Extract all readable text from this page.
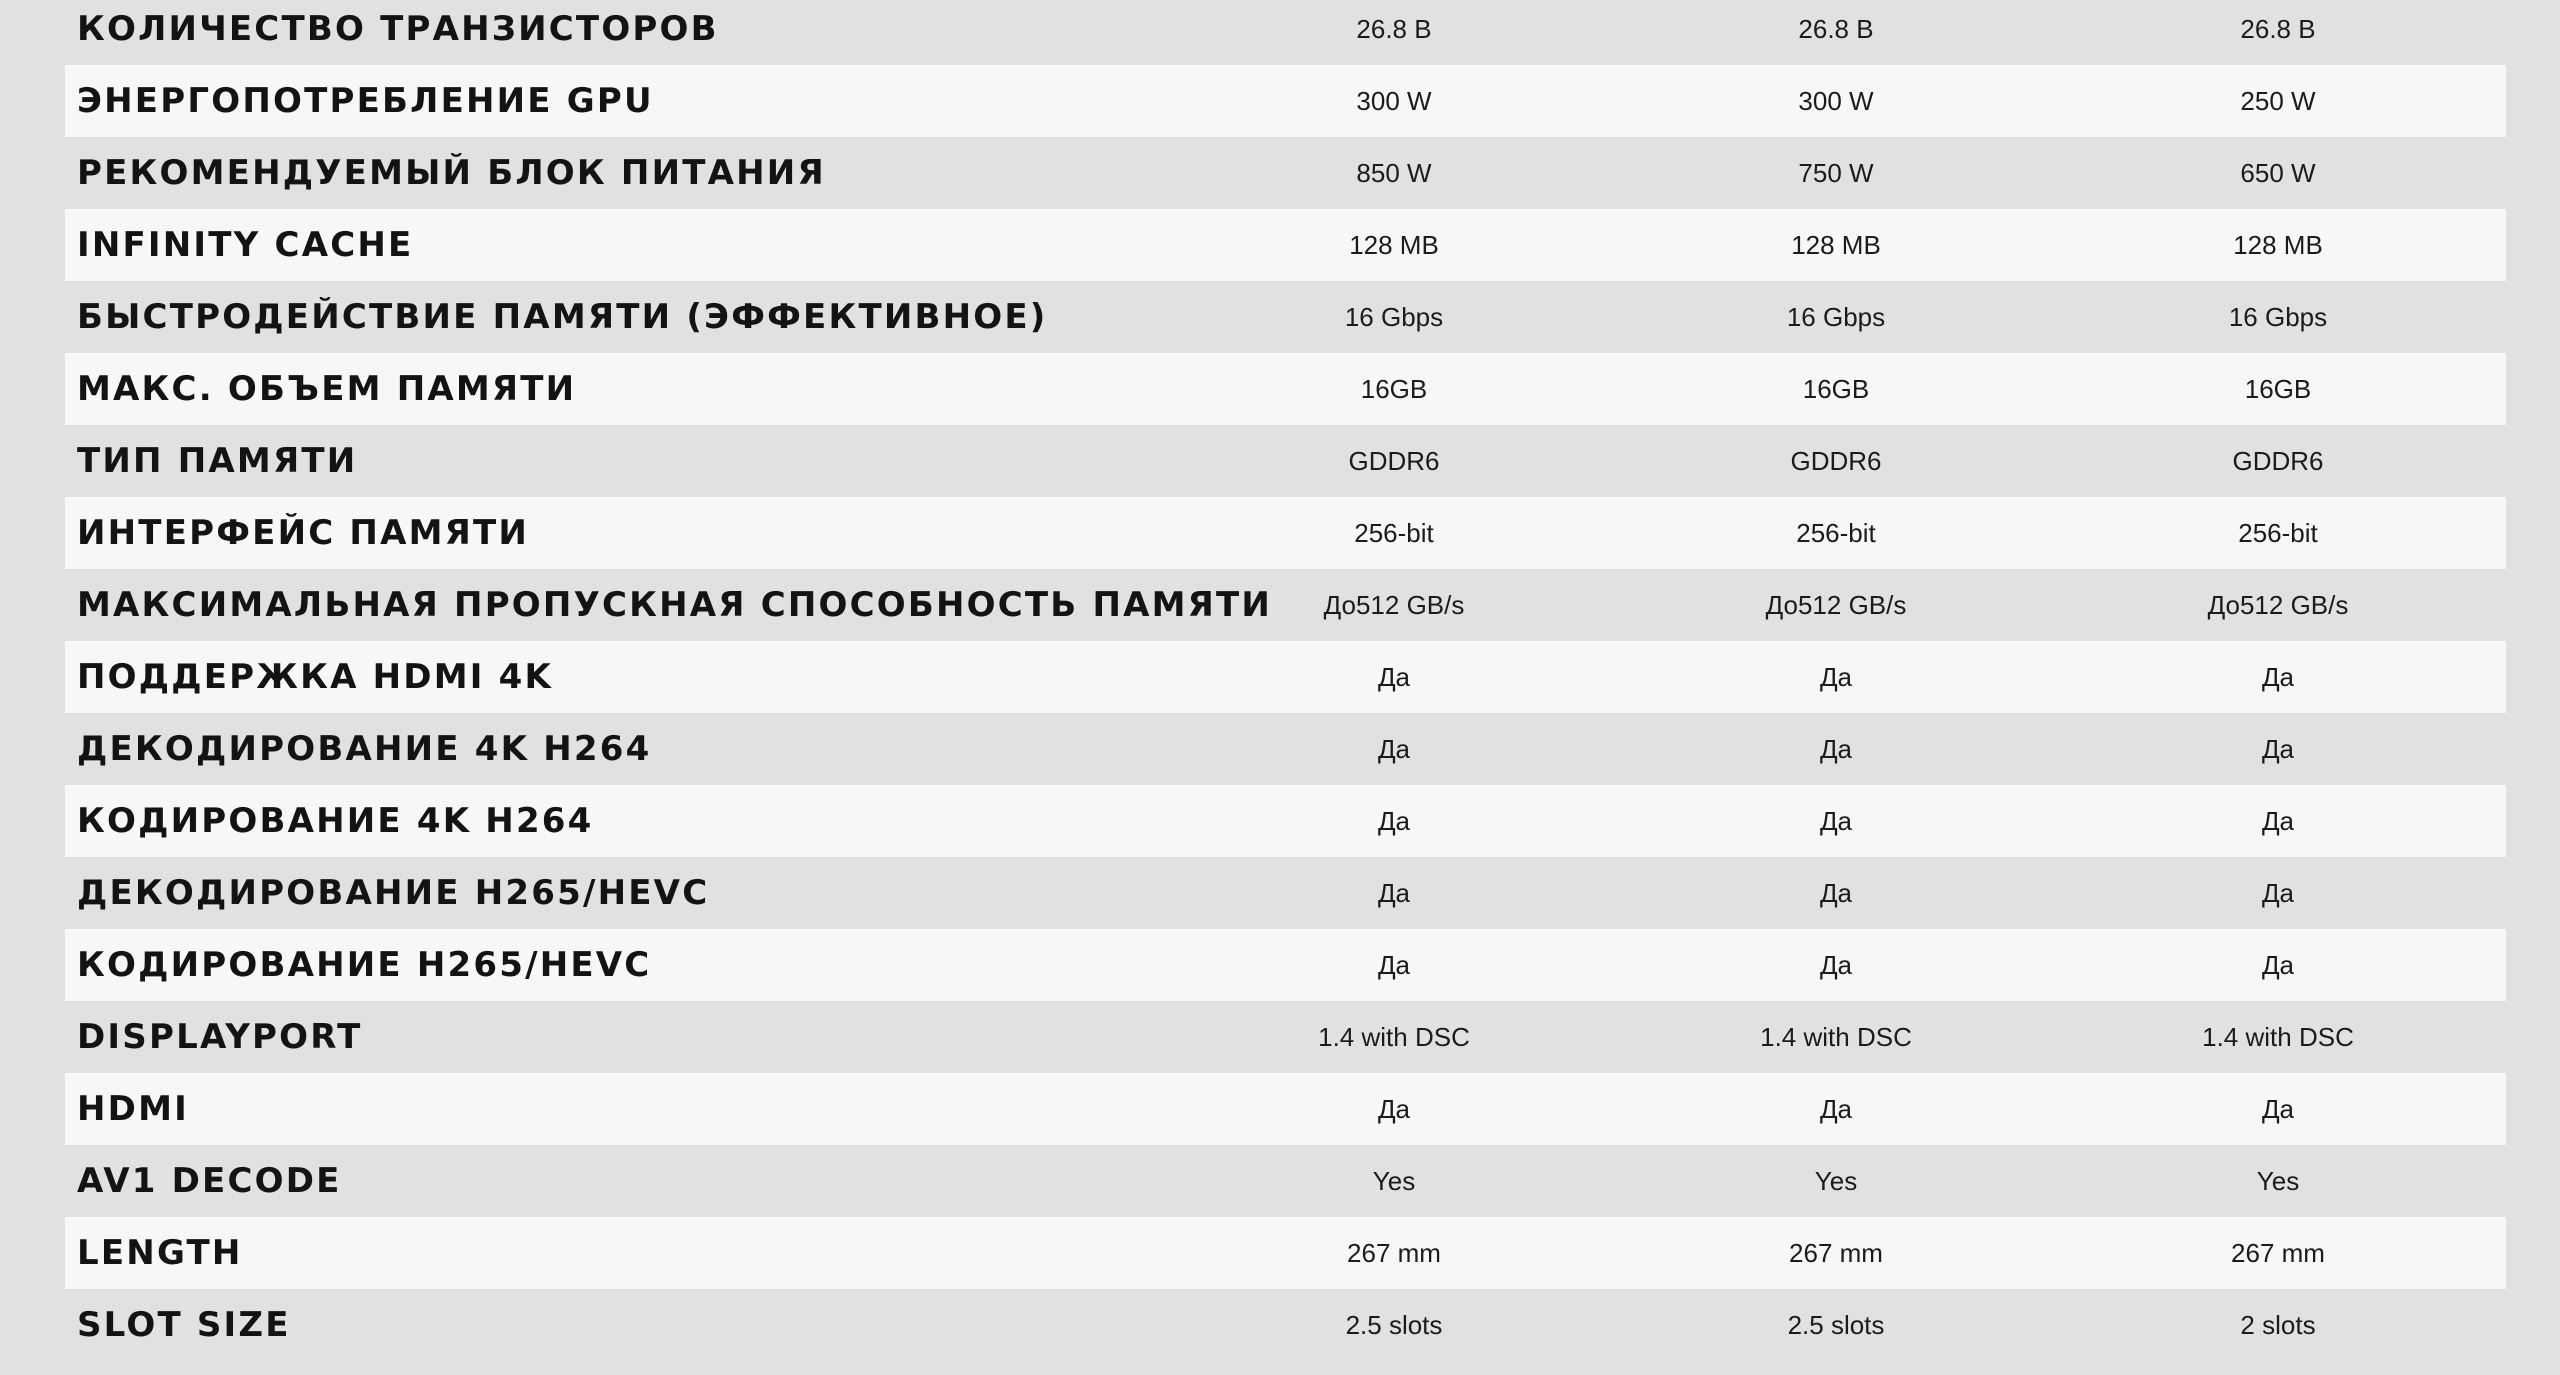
КОЛИЧЕСТВО ТРАНЗИСТОРОВ	26.8 B	26.8 B	26.8 B
ЭНЕРГОПОТРЕБЛЕНИЕ GPU	300 W	300 W	250 W
РЕКОМЕНДУЕМЫЙ БЛОК ПИТАНИЯ	850 W	750 W	650 W
INFINITY CACHE	128 MB	128 MB	128 MB
БЫСТРОДЕЙСТВИЕ ПАМЯТИ (ЭФФЕКТИВНОЕ)	16 Gbps	16 Gbps	16 Gbps
МАКС. ОБЪЕМ ПАМЯТИ	16GB	16GB	16GB
ТИП ПАМЯТИ	GDDR6	GDDR6	GDDR6
ИНТЕРФЕЙС ПАМЯТИ	256-bit	256-bit	256-bit
МАКСИМАЛЬНАЯ ПРОПУСКНАЯ СПОСОБНОСТЬ ПАМЯТИ	До512 GB/s	До512 GB/s	До512 GB/s
ПОДДЕРЖКА HDMI 4K	Да	Да	Да
ДЕКОДИРОВАНИЕ 4K H264	Да	Да	Да
КОДИРОВАНИЕ 4K H264	Да	Да	Да
ДЕКОДИРОВАНИЕ H265/HEVC	Да	Да	Да
КОДИРОВАНИЕ H265/HEVC	Да	Да	Да
DISPLAYPORT	1.4 with DSC	1.4 with DSC	1.4 with DSC
HDMI	Да	Да	Да
AV1 DECODE	Yes	Yes	Yes
LENGTH	267 mm	267 mm	267 mm
SLOT SIZE	2.5 slots	2.5 slots	2 slots
